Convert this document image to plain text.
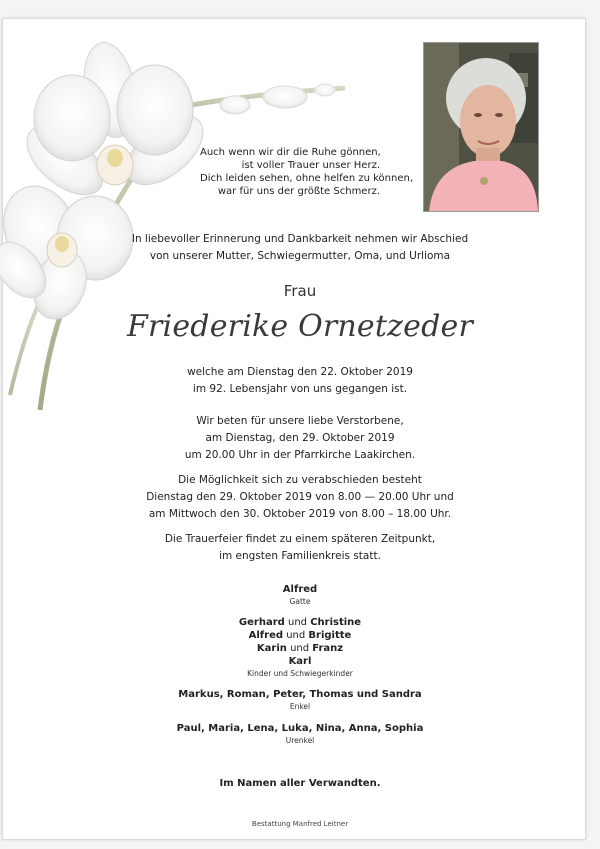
Auch wenn wir dir die Ruhe gönnen,
ist voller Trauer unser Herz.
Dich leiden sehen, ohne helfen zu können,
war für uns der größte Schmerz.
In liebevoller Erinnerung und Dankbarkeit nehmen wir Abschied
von unserer Mutter, Schwiegermutter, Oma, und Urlioma
Frau
Friederike Ornetzeder
welche am Dienstag den 22. Oktober 2019
im 92. Lebensjahr von uns gegangen ist.
Wir beten für unsere liebe Verstorbene,
am Dienstag, den 29. Oktober 2019
um 20.00 Uhr in der Pfarrkirche Laakirchen.
Die Möglichkeit sich zu verabschieden besteht
Dienstag den 29. Oktober 2019 von 8.00 — 20.00 Uhr und
am Mittwoch den 30. Oktober 2019 von 8.00 – 18.00 Uhr.
Die Trauerfeier findet zu einem späteren Zeitpunkt,
im engsten Familienkreis statt.
Alfred
Gatte
Gerhard und Christine
Alfred und Brigitte
Karin und Franz
Karl
Kinder und Schwiegerkinder
Markus, Roman, Peter, Thomas und Sandra
Enkel
Paul, Maria, Lena, Luka, Nina, Anna, Sophia
Urenkel
Im Namen aller Verwandten.
Bestattung Manfred Leitner
